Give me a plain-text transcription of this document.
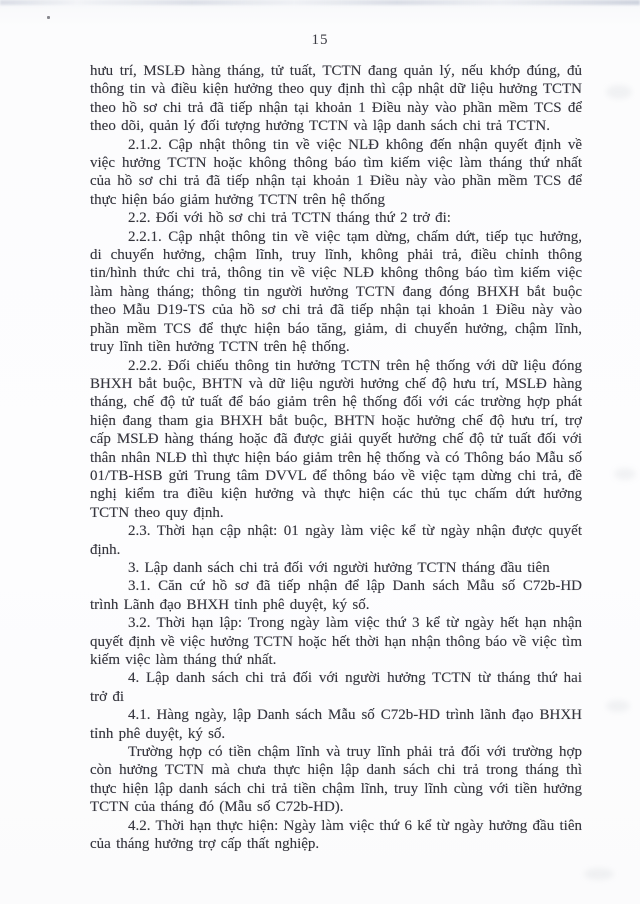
15

hưu trí, MSLĐ hàng tháng, tử tuất, TCTN đang quản lý, nếu khớp đúng, đủ thông tin và điều kiện hưởng theo quy định thì cập nhật dữ liệu hưởng TCTN theo hồ sơ chi trả đã tiếp nhận tại khoản 1 Điều này vào phần mềm TCS để theo dõi, quản lý đối tượng hưởng TCTN và lập danh sách chi trả TCTN.

2.1.2. Cập nhật thông tin về việc NLĐ không đến nhận quyết định về việc hưởng TCTN hoặc không thông báo tìm kiếm việc làm tháng thứ nhất của hồ sơ chi trả đã tiếp nhận tại khoản 1 Điều này vào phần mềm TCS để thực hiện báo giảm hưởng TCTN trên hệ thống

2.2. Đối với hồ sơ chi trả TCTN tháng thứ 2 trở đi:

2.2.1. Cập nhật thông tin về việc tạm dừng, chấm dứt, tiếp tục hưởng, di chuyển hưởng, chậm lĩnh, truy lĩnh, không phải trả, điều chỉnh thông tin/hình thức chi trả, thông tin về việc NLĐ không thông báo tìm kiếm việc làm hàng tháng; thông tin người hưởng TCTN đang đóng BHXH bắt buộc theo Mẫu D19-TS của hồ sơ chi trả đã tiếp nhận tại khoản 1 Điều này vào phần mềm TCS để thực hiện báo tăng, giảm, di chuyển hưởng, chậm lĩnh, truy lĩnh tiền hưởng TCTN trên hệ thống.

2.2.2. Đối chiếu thông tin hưởng TCTN trên hệ thống với dữ liệu đóng BHXH bắt buộc, BHTN và dữ liệu người hưởng chế độ hưu trí, MSLĐ hàng tháng, chế độ tử tuất để báo giảm trên hệ thống đối với các trường hợp phát hiện đang tham gia BHXH bắt buộc, BHTN hoặc hưởng chế độ hưu trí, trợ cấp MSLĐ hàng tháng hoặc đã được giải quyết hưởng chế độ tử tuất đối với thân nhân NLĐ thì thực hiện báo giảm trên hệ thống và có Thông báo Mẫu số 01/TB-HSB gửi Trung tâm DVVL để thông báo về việc tạm dừng chi trả, đề nghị kiểm tra điều kiện hưởng và thực hiện các thủ tục chấm dứt hưởng TCTN theo quy định.

2.3. Thời hạn cập nhật: 01 ngày làm việc kể từ ngày nhận được quyết định.

3. Lập danh sách chi trả đối với người hưởng TCTN tháng đầu tiên

3.1. Căn cứ hồ sơ đã tiếp nhận để lập Danh sách Mẫu số C72b-HD trình Lãnh đạo BHXH tỉnh phê duyệt, ký số.

3.2. Thời hạn lập: Trong ngày làm việc thứ 3 kể từ ngày hết hạn nhận quyết định về việc hưởng TCTN hoặc hết thời hạn nhận thông báo về việc tìm kiếm việc làm tháng thứ nhất.

4. Lập danh sách chi trả đối với người hưởng TCTN từ tháng thứ hai trở đi

4.1. Hàng ngày, lập Danh sách Mẫu số C72b-HD trình lãnh đạo BHXH tỉnh phê duyệt, ký số.

Trường hợp có tiền chậm lĩnh và truy lĩnh phải trả đối với trường hợp còn hưởng TCTN mà chưa thực hiện lập danh sách chi trả trong tháng thì thực hiện lập danh sách chi trả tiền chậm lĩnh, truy lĩnh cùng với tiền hưởng TCTN của tháng đó (Mẫu số C72b-HD).

4.2. Thời hạn thực hiện: Ngày làm việc thứ 6 kể từ ngày hưởng đầu tiên của tháng hưởng trợ cấp thất nghiệp.
